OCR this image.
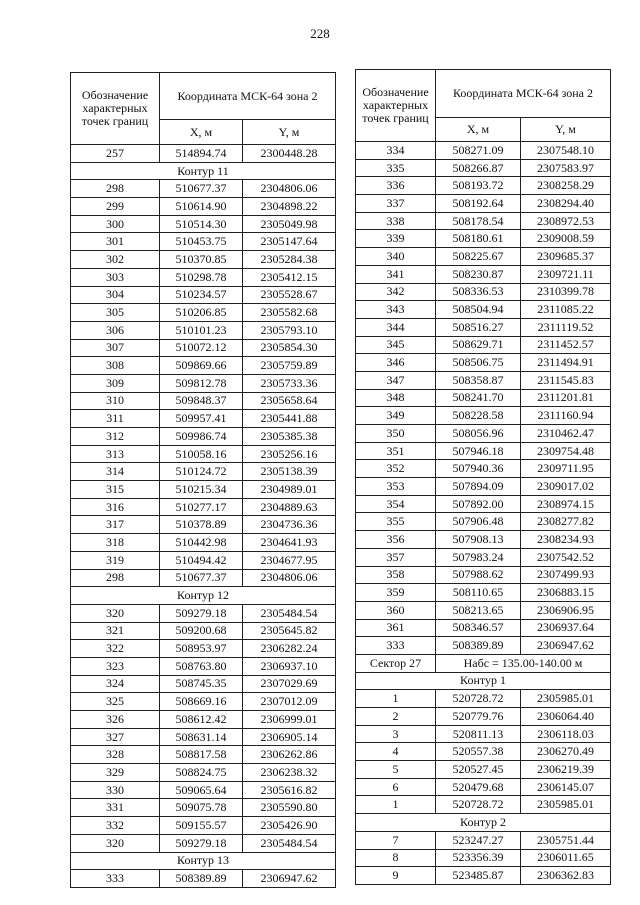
228
Обозначение характерных точек границ	Координата МСК-64 зона 2	
	X, м	Y, м
257	514894.74	2300448.28
Контур 11		
298	510677.37	2304806.06
299	510614.90	2304898.22
300	510514.30	2305049.98
301	510453.75	2305147.64
302	510370.85	2305284.38
303	510298.78	2305412.15
304	510234.57	2305528.67
305	510206.85	2305582.68
306	510101.23	2305793.10
307	510072.12	2305854.30
308	509869.66	2305759.89
309	509812.78	2305733.36
310	509848.37	2305658.64
311	509957.41	2305441.88
312	509986.74	2305385.38
313	510058.16	2305256.16
314	510124.72	2305138.39
315	510215.34	2304989.01
316	510277.17	2304889.63
317	510378.89	2304736.36
318	510442.98	2304641.93
319	510494.42	2304677.95
298	510677.37	2304806.06
Контур 12		
320	509279.18	2305484.54
321	509200.68	2305645.82
322	508953.97	2306282.24
323	508763.80	2306937.10
324	508745.35	2307029.69
325	508669.16	2307012.09
326	508612.42	2306999.01
327	508631.14	2306905.14
328	508817.58	2306262.86
329	508824.75	2306238.32
330	509065.64	2305616.82
331	509075.78	2305590.80
332	509155.57	2305426.90
320	509279.18	2305484.54
Контур 13		
333	508389.89	2306947.62
Обозначение характерных точек границ	Координата МСК-64 зона 2	
	X, м	Y, м
334	508271.09	2307548.10
335	508266.87	2307583.97
336	508193.72	2308258.29
337	508192.64	2308294.40
338	508178.54	2308972.53
339	508180.61	2309008.59
340	508225.67	2309685.37
341	508230.87	2309721.11
342	508336.53	2310399.78
343	508504.94	2311085.22
344	508516.27	2311119.52
345	508629.71	2311452.57
346	508506.75	2311494.91
347	508358.87	2311545.83
348	508241.70	2311201.81
349	508228.58	2311160.94
350	508056.96	2310462.47
351	507946.18	2309754.48
352	507940.36	2309711.95
353	507894.09	2309017.02
354	507892.00	2308974.15
355	507906.48	2308277.82
356	507908.13	2308234.93
357	507983.24	2307542.52
358	507988.62	2307499.93
359	508110.65	2306883.15
360	508213.65	2306906.95
361	508346.57	2306937.64
333	508389.89	2306947.62
Сектор 27	Набс = 135.00-140.00 м	
Контур 1		
1	520728.72	2305985.01
2	520779.76	2306064.40
3	520811.13	2306118.03
4	520557.38	2306270.49
5	520527.45	2306219.39
6	520479.68	2306145.07
1	520728.72	2305985.01
Контур 2		
7	523247.27	2305751.44
8	523356.39	2306011.65
9	523485.87	2306362.83
